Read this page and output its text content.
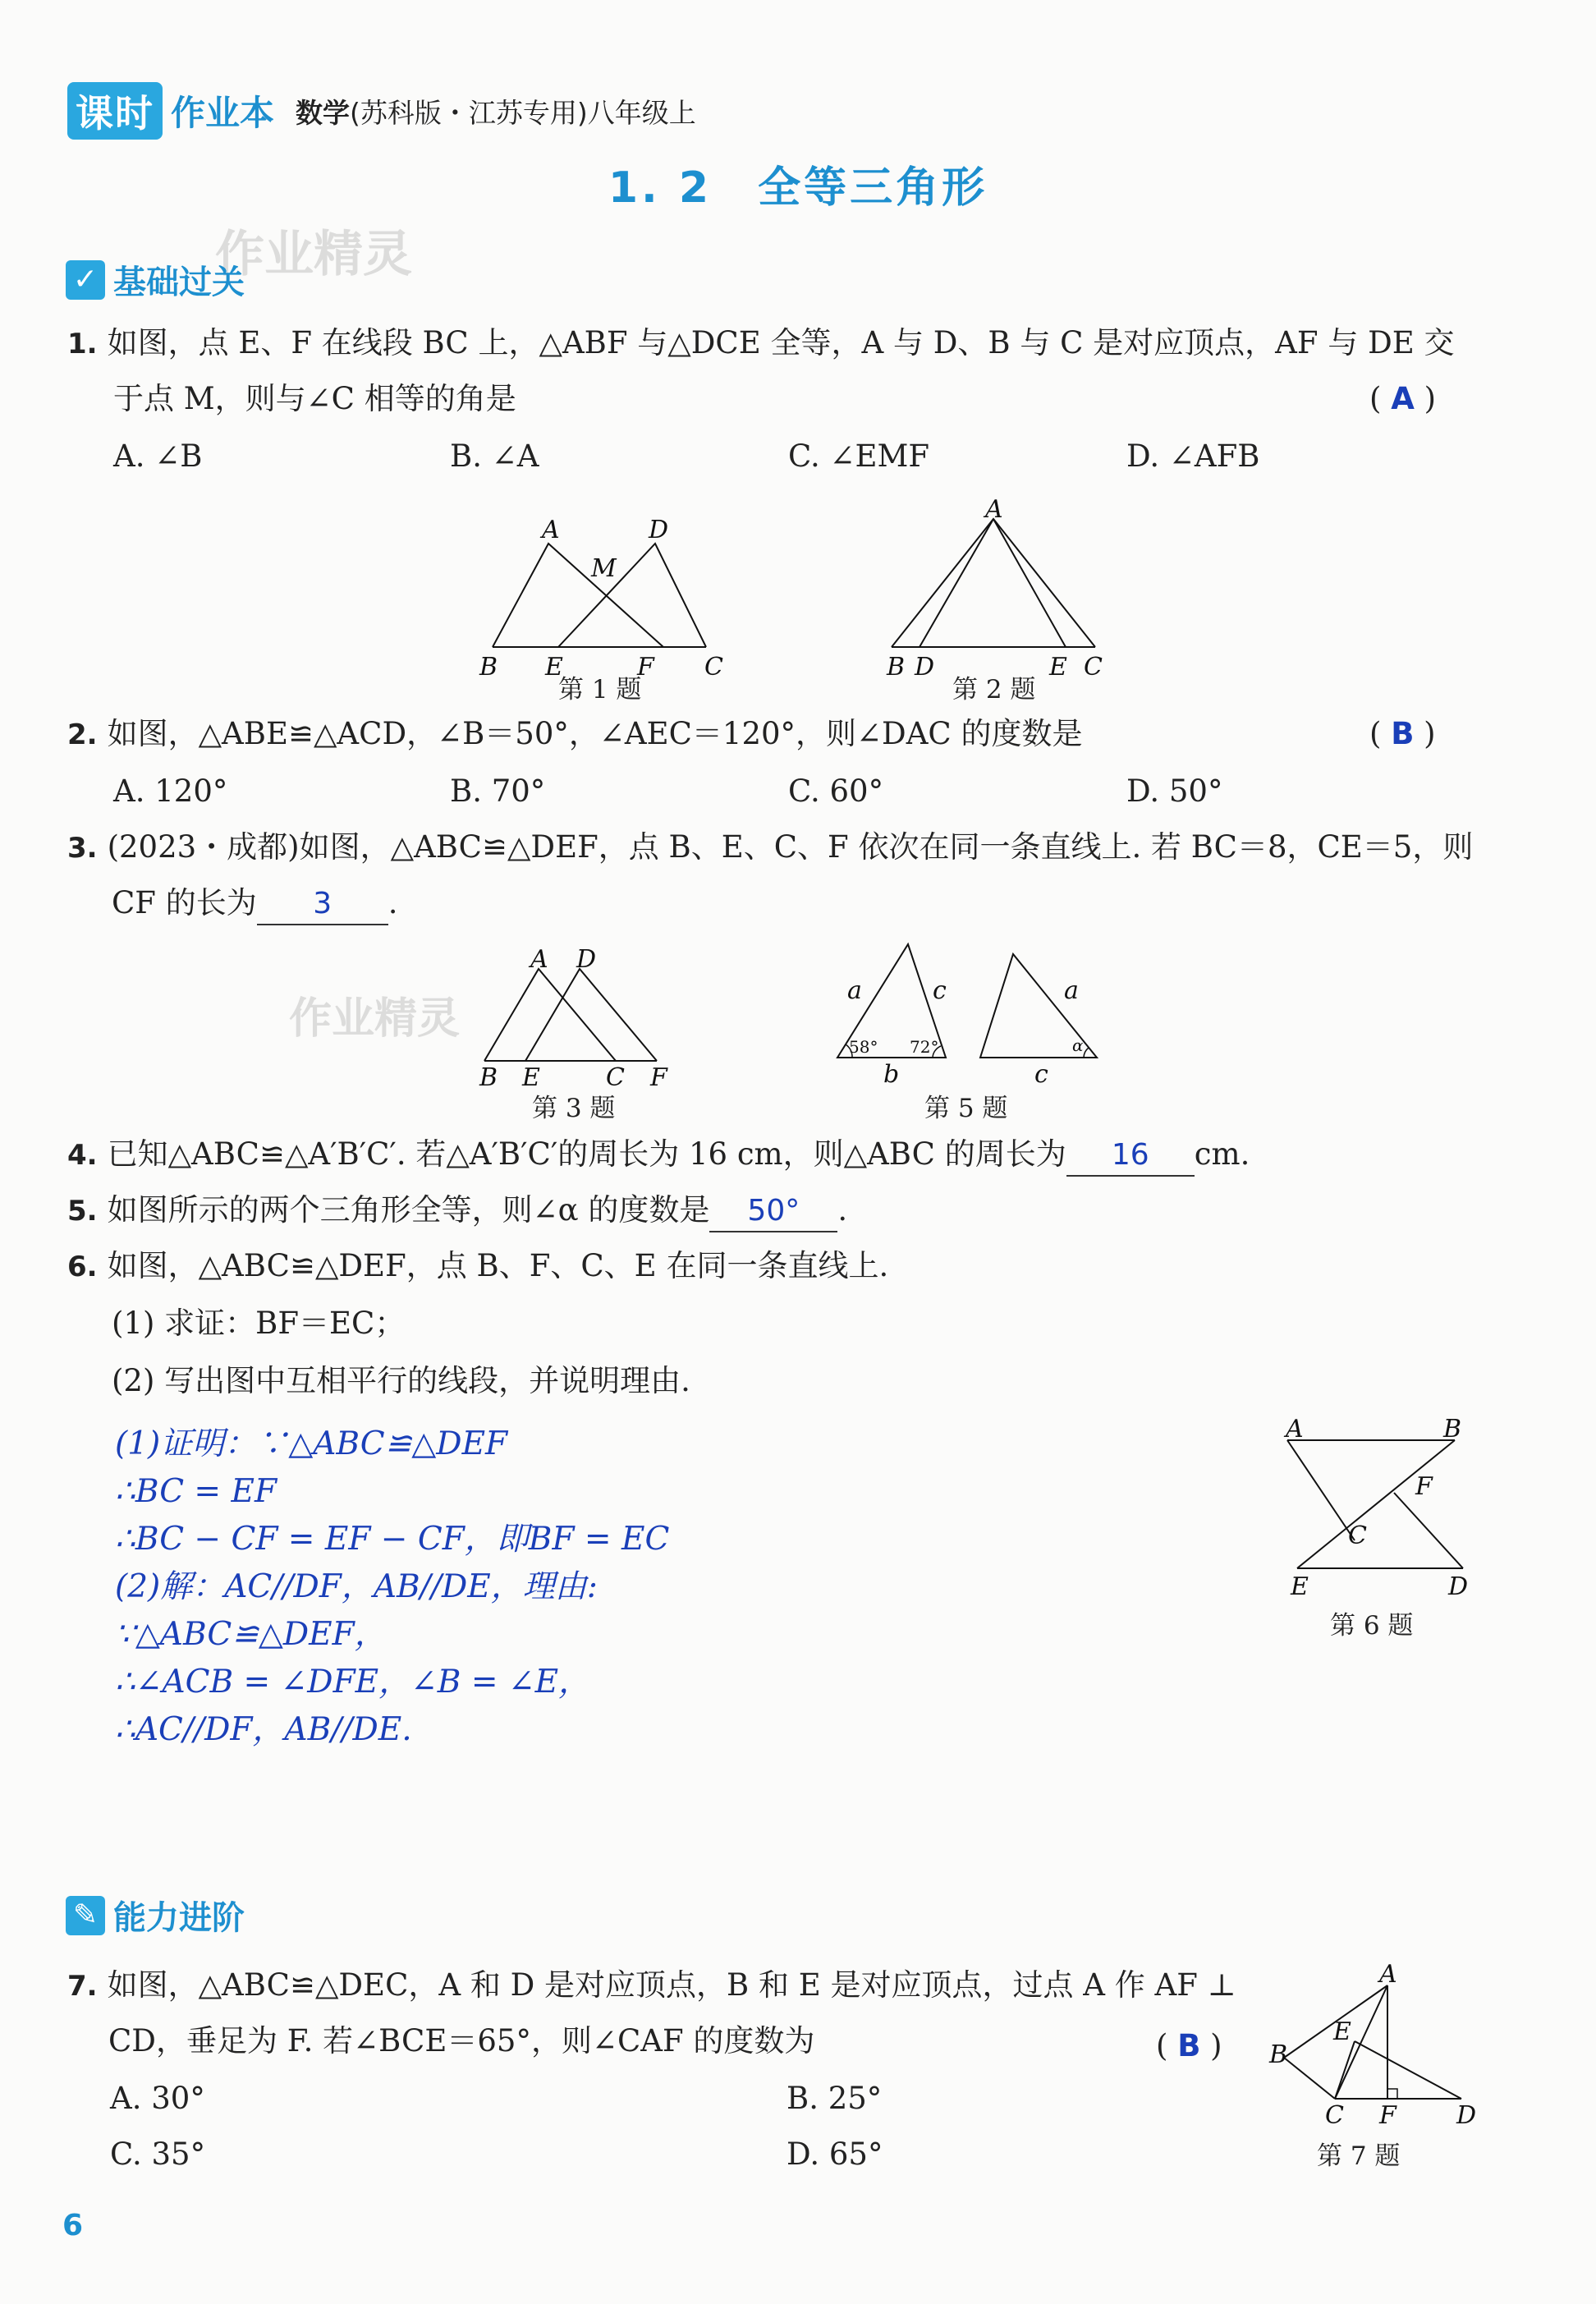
课时 作业本 数学(苏科版・江苏专用)八年级上
1. 2　全等三角形
作业精灵
作业精灵
✓ 基础过关
1. 如图，点 E、F 在线段 BC 上，△ABF 与△DCE 全等，A 与 D、B 与 C 是对应顶点，AF 与 DE 交
于点 M，则与∠C 相等的角是	( A )
A. ∠B	B. ∠A	C. ∠EMF	D. ∠AFB
A	D
M
B E	F C
第 1 题
A
B D	E C
第 2 题
2. 如图，△ABE≌△ACD，∠B＝50°，∠AEC＝120°，则∠DAC 的度数是	( B )
A. 120°	B. 70°	C. 60°	D. 50°
3. (2023・成都)如图，△ABC≌△DEF，点 B、E、C、F 依次在同一条直线上. 若 BC＝8，CE＝5，则
CF 的长为 3 .
A D
B E	C F
第 3 题
a	c
b
a
c
α
58° 72°
第 5 题
4. 已知△ABC≌△A′B′C′. 若△A′B′C′的周长为 16 cm，则△ABC 的周长为 16 cm.
5. 如图所示的两个三角形全等，则∠α 的度数是 50° .
6. 如图，△ABC≌△DEF，点 B、F、C、E 在同一条直线上.
(1) 求证：BF＝EC；
(2) 写出图中互相平行的线段，并说明理由.
(1)证明：∵△ABC≌△DEF
∴BC = EF
∴BC − CF = EF − CF，即BF = EC
(2)解：AC//DF，AB//DE，理由:
∵△ABC≌△DEF，
∴∠ACB = ∠DFE，∠B = ∠E，
∴AC//DF，AB//DE.
A	B
F
C
E	D
第 6 题
✎ 能力进阶
7. 如图，△ABC≌△DEC，A 和 D 是对应顶点，B 和 E 是对应顶点，过点 A 作 AF ⊥
CD，垂足为 F. 若∠BCE＝65°，则∠CAF 的度数为	( B )
A. 30°	B. 25°
C. 35°	D. 65°
A
E
B
C F D
第 7 题
6
